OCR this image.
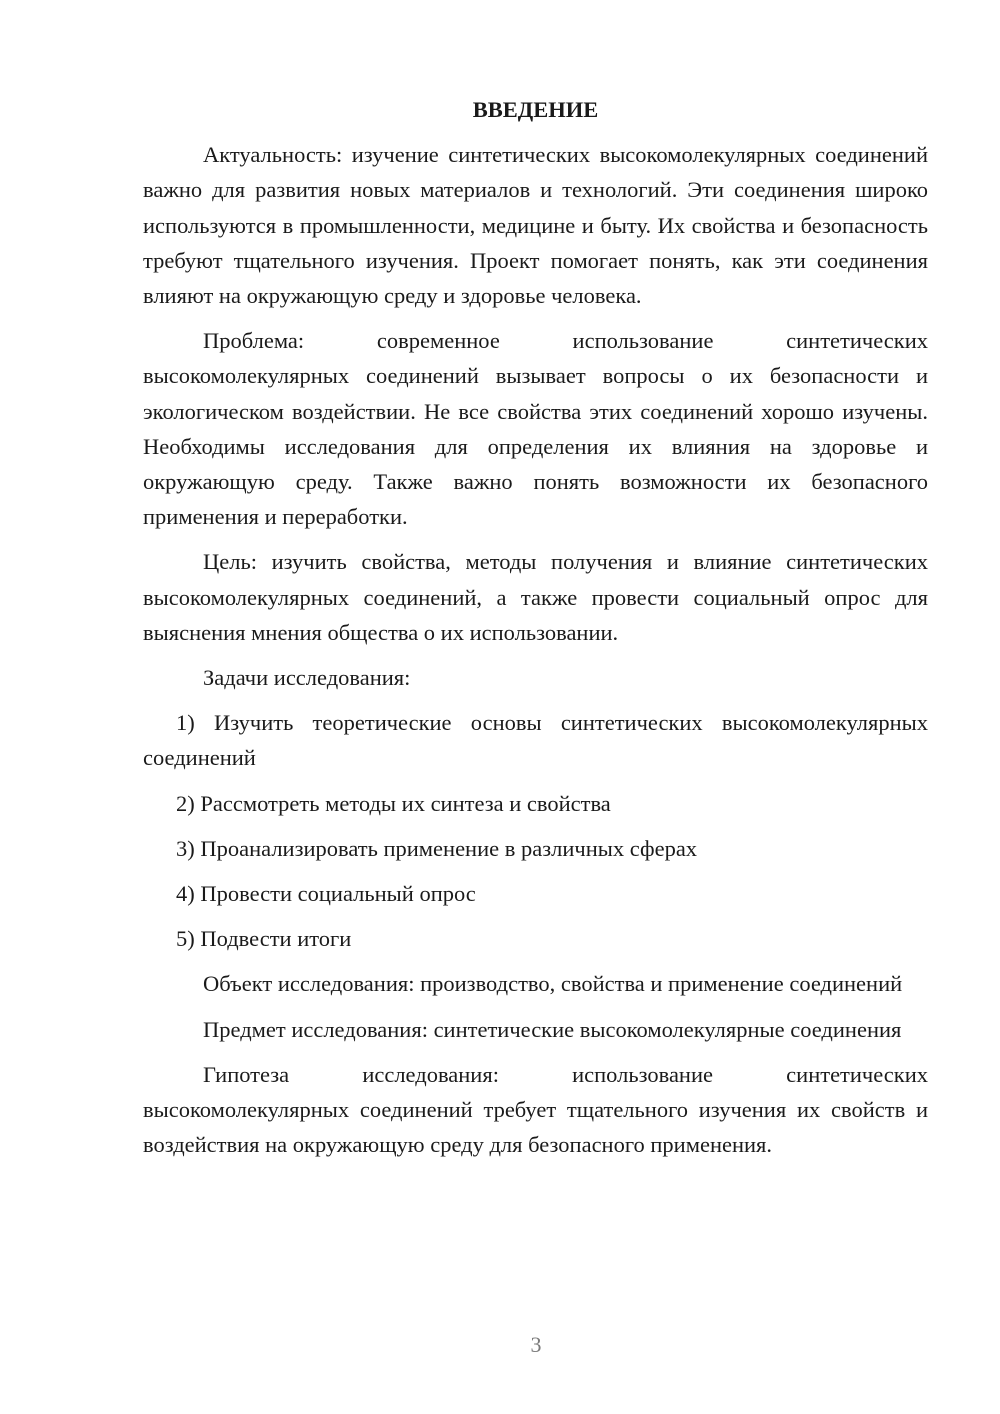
ВВЕДЕНИЕ

Актуальность: изучение синтетических высокомолекулярных соединений важно для развития новых материалов и технологий. Эти соединения широко используются в промышленности, медицине и быту. Их свойства и безопасность требуют тщательного изучения. Проект помогает понять, как эти соединения влияют на окружающую среду и здоровье человека.

Проблема: современное использование синтетических высокомолекулярных соединений вызывает вопросы о их безопасности и экологическом воздействии. Не все свойства этих соединений хорошо изучены. Необходимы исследования для определения их влияния на здоровье и окружающую среду. Также важно понять возможности их безопасного применения и переработки.

Цель: изучить свойства, методы получения и влияние синтетических высокомолекулярных соединений, а также провести социальный опрос для выяснения мнения общества о их использовании.

Задачи исследования:

1) Изучить теоретические основы синтетических высокомолекулярных соединений

2) Рассмотреть методы их синтеза и свойства

3) Проанализировать применение в различных сферах

4) Провести социальный опрос

5) Подвести итоги

Объект исследования: производство, свойства и применение соединений

Предмет исследования: синтетические высокомолекулярные соединения

Гипотеза исследования: использование синтетических высокомолекулярных соединений требует тщательного изучения их свойств и воздействия на окружающую среду для безопасного применения.

3
